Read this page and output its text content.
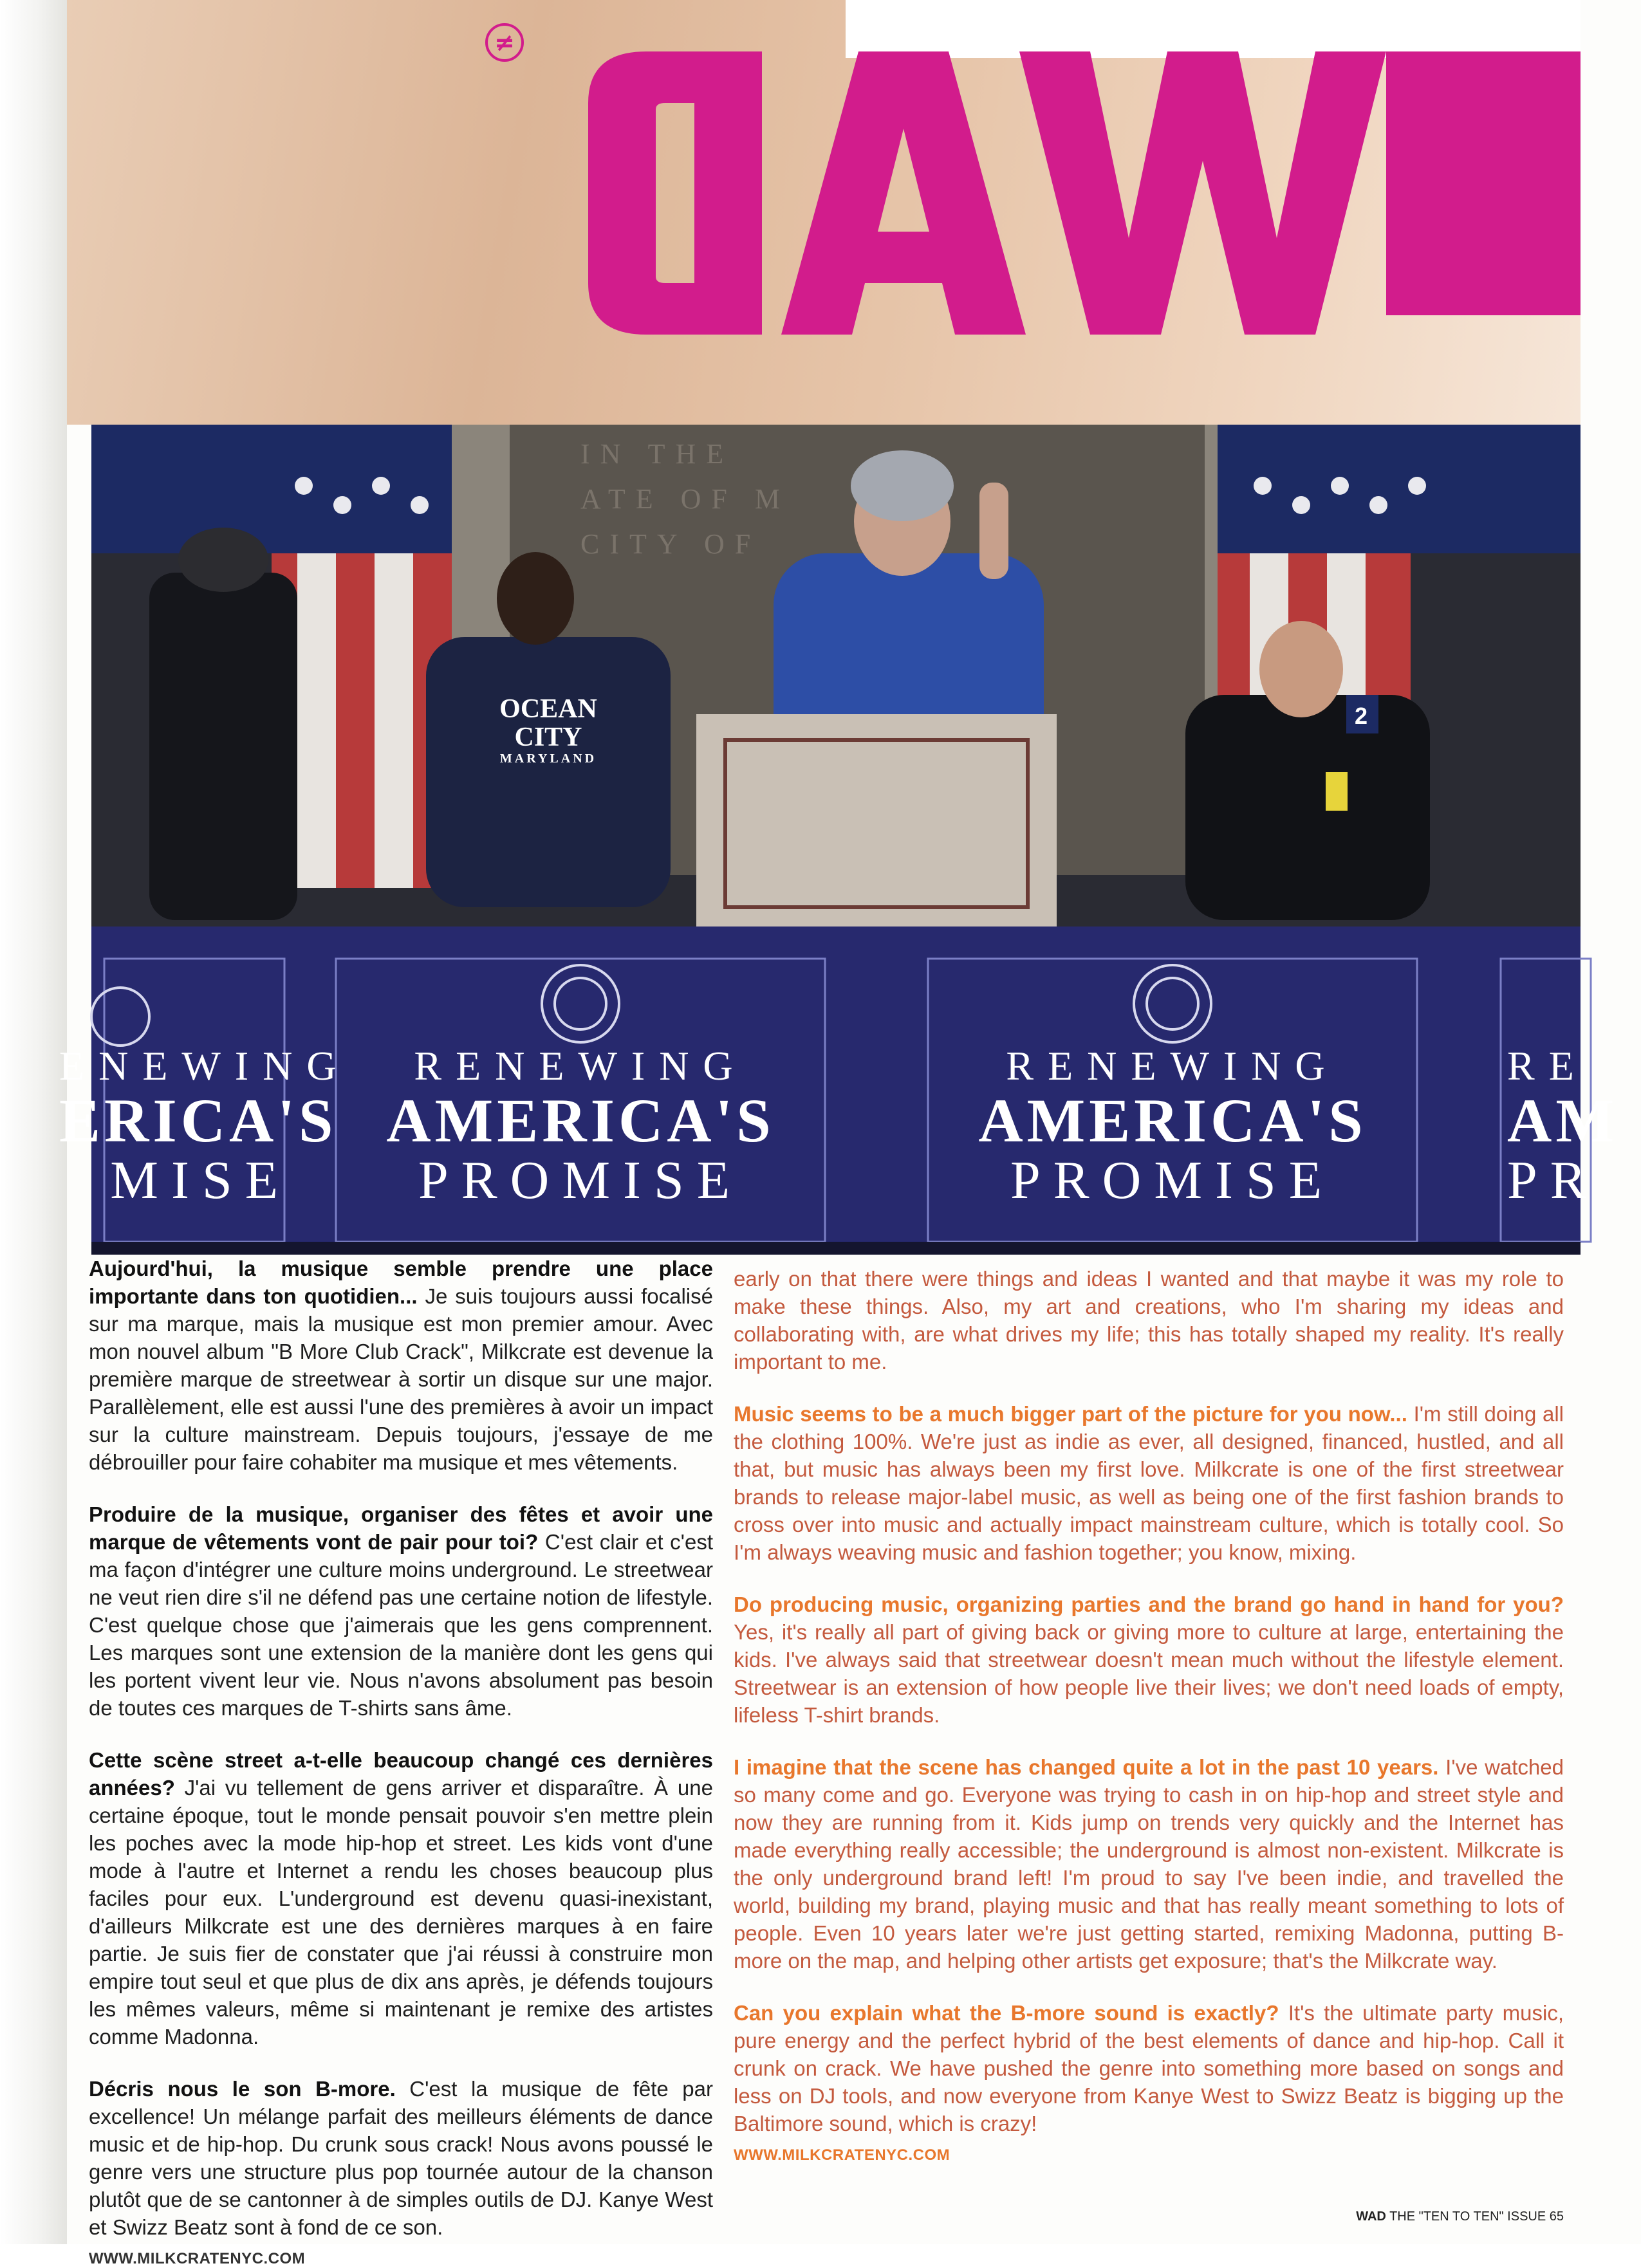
≠
IN THE
ATE OF M
CITY OF
2
OCEAN CITY
MARYLAND
ENEWING
ERICA'S
MISE
RENEWING
AMERICA'S
PROMISE
RENEWING
AMERICA'S
PROMISE
RE
AM
PR

Aujourd'hui, la musique semble prendre une place importante dans ton quotidien... Je suis toujours aussi focalisé sur ma marque, mais la musique est mon premier amour. Avec mon nouvel album "B More Club Crack", Milkcrate est devenue la première marque de streetwear à sortir un disque sur une major. Parallèlement, elle est aussi l'une des premières à avoir un impact sur la culture mainstream. Depuis toujours, j'essaye de me débrouiller pour faire cohabiter ma musique et mes vêtements.

Produire de la musique, organiser des fêtes et avoir une marque de vêtements vont de pair pour toi? C'est clair et c'est ma façon d'intégrer une culture moins underground. Le streetwear ne veut rien dire s'il ne défend pas une certaine notion de lifestyle. C'est quelque chose que j'aimerais que les gens comprennent. Les marques sont une extension de la manière dont les gens qui les portent vivent leur vie. Nous n'avons absolument pas besoin de toutes ces marques de T-shirts sans âme.

Cette scène street a-t-elle beaucoup changé ces dernières années? J'ai vu tellement de gens arriver et disparaître. À une certaine époque, tout le monde pensait pouvoir s'en mettre plein les poches avec la mode hip-hop et street. Les kids vont d'une mode à l'autre et Internet a rendu les choses beaucoup plus faciles pour eux. L'underground est devenu quasi-inexistant, d'ailleurs Milkcrate est une des dernières marques à en faire partie. Je suis fier de constater que j'ai réussi à construire mon empire tout seul et que plus de dix ans après, je défends toujours les mêmes valeurs, même si maintenant je remixe des artistes comme Madonna.

Décris nous le son B-more. C'est la musique de fête par excellence! Un mélange parfait des meilleurs éléments de dance music et de hip-hop. Du crunk sous crack! Nous avons poussé le genre vers une structure plus pop tournée autour de la chanson plutôt que de se cantonner à de simples outils de DJ. Kanye West et Swizz Beatz sont à fond de ce son.

WWW.MILKCRATENYC.COM

early on that there were things and ideas I wanted and that maybe it was my role to make these things. Also, my art and creations, who I'm sharing my ideas and collaborating with, are what drives my life; this has totally shaped my reality. It's really important to me.

Music seems to be a much bigger part of the picture for you now... I'm still doing all the clothing 100%. We're just as indie as ever, all designed, financed, hustled, and all that, but music has always been my first love. Milkcrate is one of the first streetwear brands to release major-label music, as well as being one of the first fashion brands to cross over into music and actually impact mainstream culture, which is totally cool. So I'm always weaving music and fashion together; you know, mixing.

Do producing music, organizing parties and the brand go hand in hand for you? Yes, it's really all part of giving back or giving more to culture at large, entertaining the kids. I've always said that streetwear doesn't mean much without the lifestyle element. Streetwear is an extension of how people live their lives; we don't need loads of empty, lifeless T-shirt brands.

I imagine that the scene has changed quite a lot in the past 10 years. I've watched so many come and go. Everyone was trying to cash in on hip-hop and street style and now they are running from it. Kids jump on trends very quickly and the Internet has made everything really accessible; the underground is almost non-existent. Milkcrate is the only underground brand left! I'm proud to say I've been indie, and travelled the world, building my brand, playing music and that has really meant something to lots of people. Even 10 years later we're just getting started, remixing Madonna, putting B-more on the map, and helping other artists get exposure; that's the Milkcrate way.

Can you explain what the B-more sound is exactly? It's the ultimate party music, pure energy and the perfect hybrid of the best elements of dance and hip-hop. Call it crunk on crack. We have pushed the genre into something more based on songs and less on DJ tools, and now everyone from Kanye West to Swizz Beatz is bigging up the Baltimore sound, which is crazy!

WWW.MILKCRATENYC.COM
WAD THE "TEN TO TEN" ISSUE 65
